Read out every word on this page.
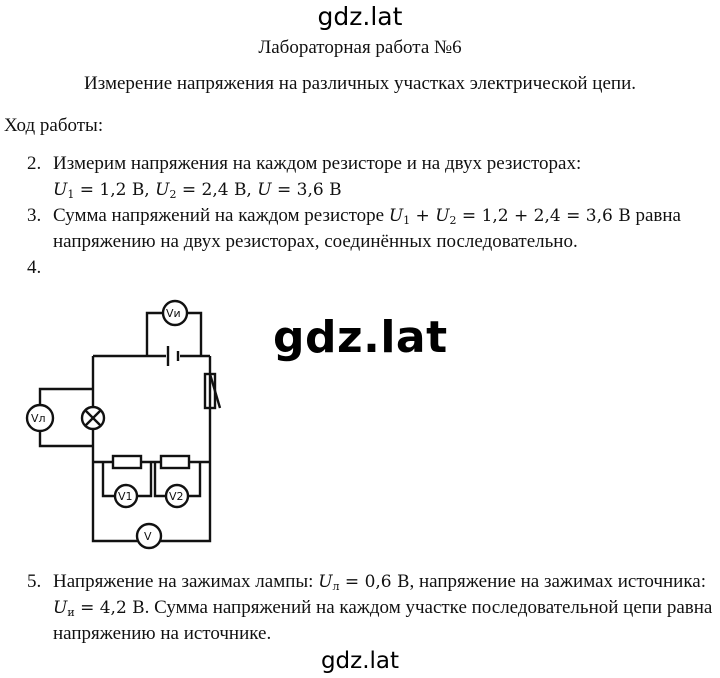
gdz.lat
Лабораторная работа №6
Измерение напряжения на различных участках электрической цепи.
Ход работы:
2. Измерим напряжения на каждом резисторе и на двух резисторах:
$U_1 = 1,2$ В, $U_2 = 2,4$ В, U = 3,6 В
3. Сумма напряжений на каждом резисторе $U_1 + U_2 = 1,2 + 2,4 = 3,6$ В равна
напряжению на двух резисторах, соединённых последовательно.
4.
gdz.lat
Vи
Vл
V1	V2
V
5. Напряжение на зажимах лампы: $U_л = 0,6$ В, напряжение на зажимах источника:
$U_и = 4,2$ В. Сумма напряжений на каждом участке последовательной цепи равна
напряжению на источнике.
gdz.lat
